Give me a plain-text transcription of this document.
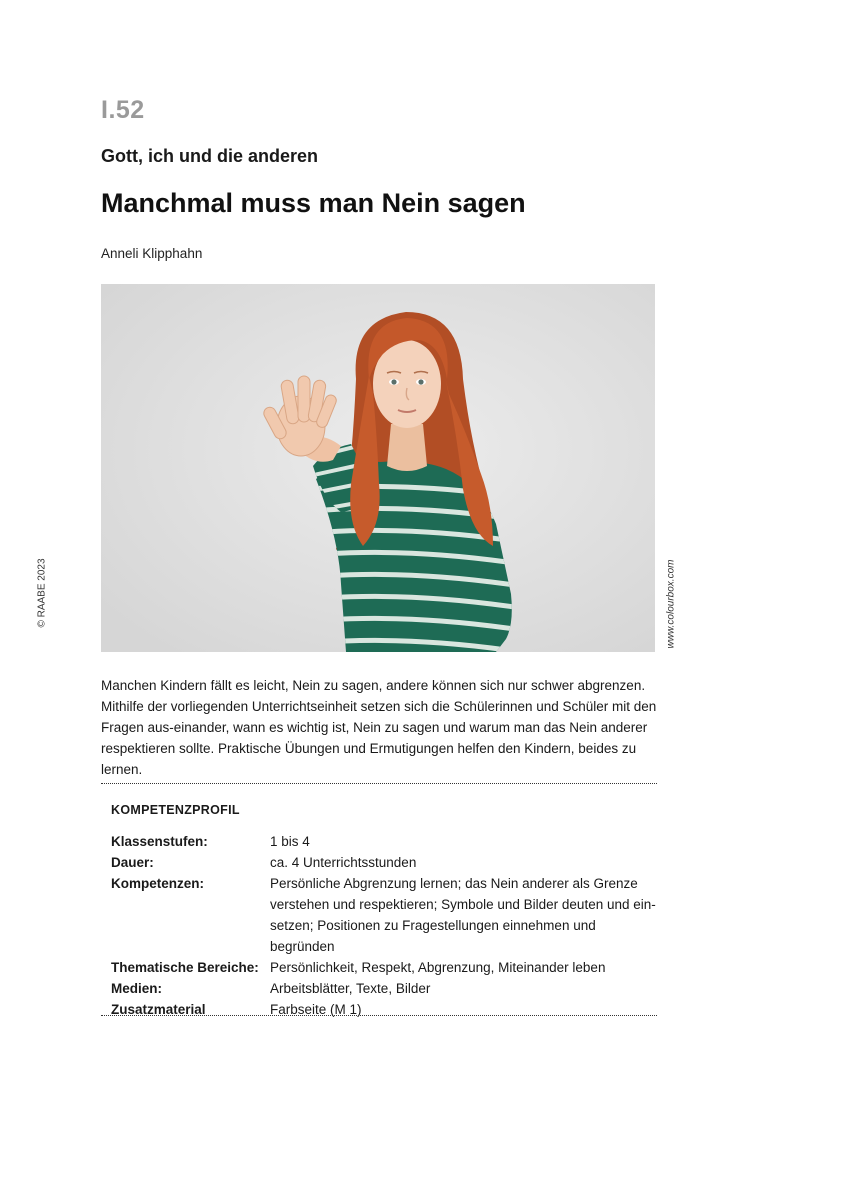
I.52
Gott, ich und die anderen
Manchmal muss man Nein sagen
Anneli Klipphahn
© RAABE 2023	www.colourbox.com
Manchen Kindern fällt es leicht, Nein zu sagen, andere können sich nur schwer abgrenzen. Mithilfe der vorliegenden Unterrichtseinheit setzen sich die Schülerinnen und Schüler mit den Fragen aus-einander, wann es wichtig ist, Nein zu sagen und warum man das Nein anderer respektieren sollte. Praktische Übungen und Ermutigungen helfen den Kindern, beides zu lernen.
KOMPETENZPROFIL
Klassenstufen:	1 bis 4
Dauer:	ca. 4 Unterrichtsstunden
Kompetenzen:	Persönliche Abgrenzung lernen; das Nein anderer als Grenze verstehen und respektieren; Symbole und Bilder deuten und ein-setzen; Positionen zu Fragestellungen einnehmen und begründen
Thematische Bereiche: Persönlichkeit, Respekt, Abgrenzung, Miteinander leben
Medien:	Arbeitsblätter, Texte, Bilder
Zusatzmaterial	Farbseite (M 1)
